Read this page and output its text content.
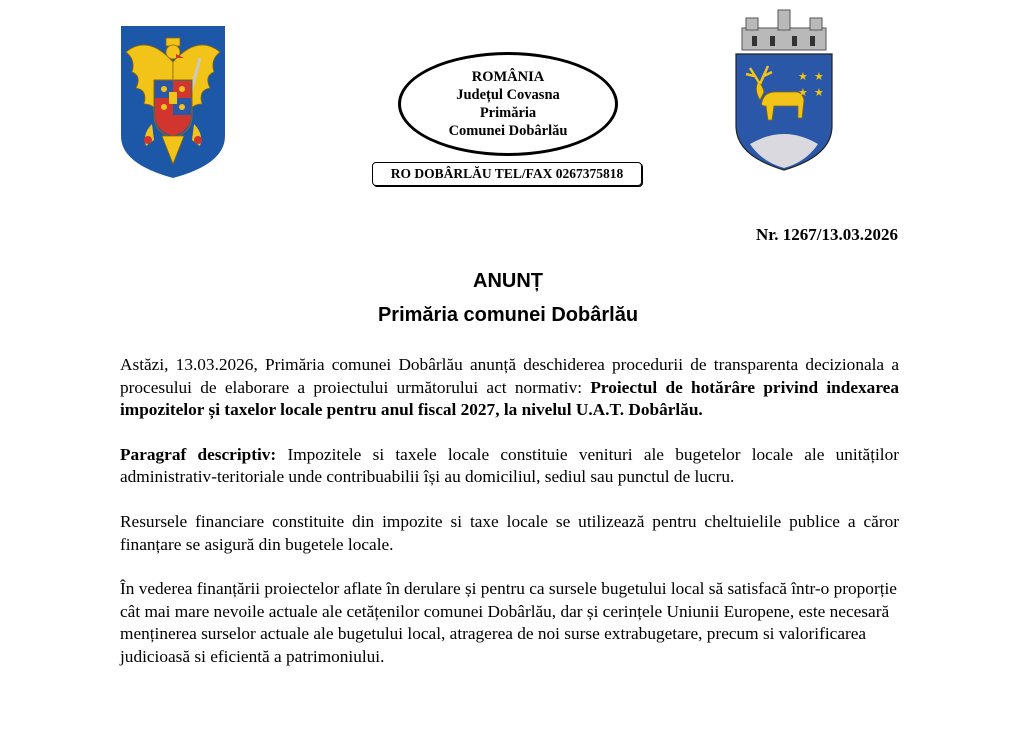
★ ★
★ ★
ROMÂNIA
Județul Covasna
Primăria
Comunei Dobârlău
RO DOBÂRLĂU TEL/FAX 0267375818
Nr. 1267/13.03.2026
ANUNȚ
Primăria comunei Dobârlău

Astăzi, 13.03.2026, Primăria comunei Dobârlău anunță deschiderea procedurii de transparenta decizionala a procesului de elaborare a proiectului următorului act normativ: Proiectul de hotărâre privind indexarea impozitelor și taxelor locale pentru anul fiscal 2027, la nivelul U.A.T. Dobârlău.

Paragraf descriptiv: Impozitele si taxele locale constituie venituri ale bugetelor locale ale unităților administrativ-teritoriale unde contribuabilii își au domiciliul, sediul sau punctul de lucru.

Resursele financiare constituite din impozite si taxe locale se utilizează pentru cheltuielile publice a căror finanțare se asigură din bugetele locale.

În vederea finanțării proiectelor aflate în derulare și pentru ca sursele bugetului local să satisfacă într-o proporție cât mai mare nevoile actuale ale cetățenilor comunei Dobârlău, dar și cerințele Uniunii Europene, este necesară menținerea surselor actuale ale bugetului local, atragerea de noi surse extrabugetare, precum si valorificarea judicioasă si eficientă a patrimoniului.
